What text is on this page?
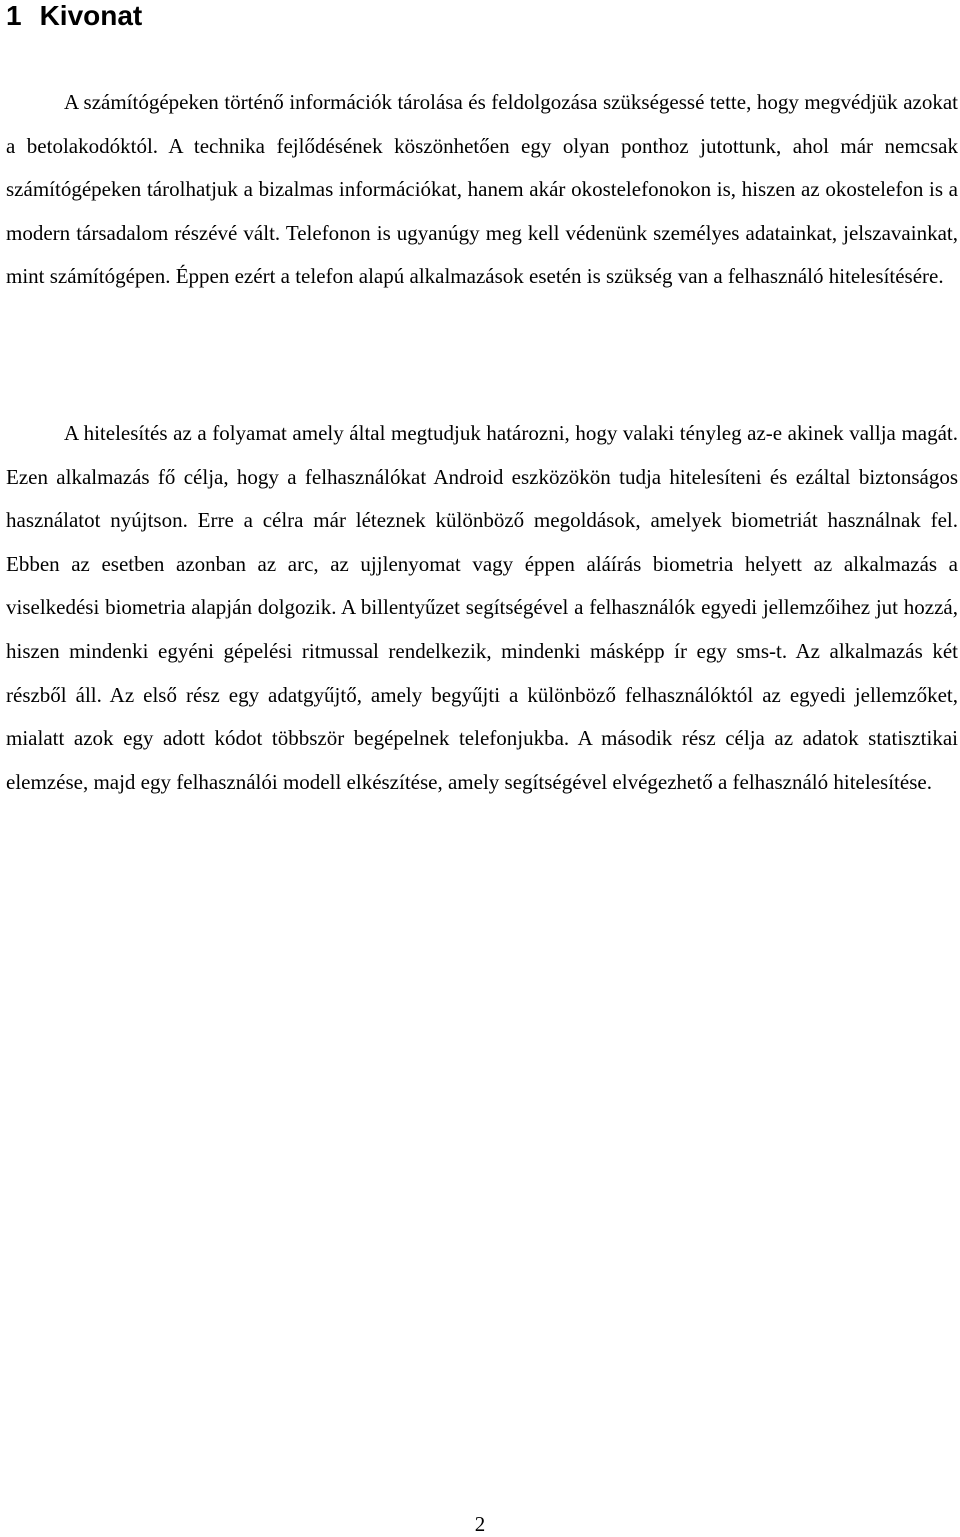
1 Kivonat

A számítógépeken történő információk tárolása és feldolgozása szükségessé tette, hogy megvédjük azokat a betolakodóktól. A technika fejlődésének köszönhetően egy olyan ponthoz jutottunk, ahol már nemcsak számítógépeken tárolhatjuk a bizalmas információkat, hanem akár okostelefonokon is, hiszen az okostelefon is a modern társadalom részévé vált. Telefonon is ugyanúgy meg kell védenünk személyes adatainkat, jelszavainkat, mint számítógépen. Éppen ezért a telefon alapú alkalmazások esetén is szükség van a felhasználó hitelesítésére.

A hitelesítés az a folyamat amely által megtudjuk határozni, hogy valaki tényleg az-e akinek vallja magát. Ezen alkalmazás fő célja, hogy a felhasználókat Android eszközökön tudja hitelesíteni és ezáltal biztonságos használatot nyújtson. Erre a célra már léteznek különböző megoldások, amelyek biometriát használnak fel. Ebben az esetben azonban az arc, az ujjlenyomat vagy éppen aláírás biometria helyett az alkalmazás a viselkedési biometria alapján dolgozik. A billentyűzet segítségével a felhasználók egyedi jellemzőihez jut hozzá, hiszen mindenki egyéni gépelési ritmussal rendelkezik, mindenki másképp ír egy sms-t. Az alkalmazás két részből áll. Az első rész egy adatgyűjtő, amely begyűjti a különböző felhasználóktól az egyedi jellemzőket, mialatt azok egy adott kódot többször begépelnek telefonjukba. A második rész célja az adatok statisztikai elemzése, majd egy felhasználói modell elkészítése, amely segítségével elvégezhető a felhasználó hitelesítése.

2
